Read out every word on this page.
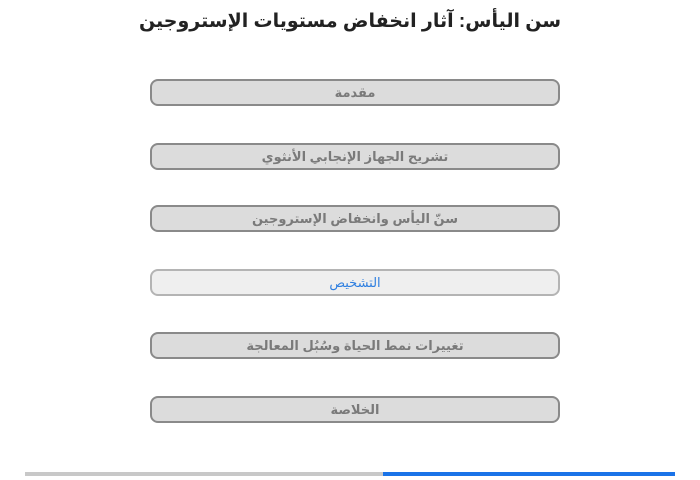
سن اليأس: آثار انخفاض مستويات الإستروجين
مقدمة
تشريح الجهاز الإنجابي الأنثوي
سنّ اليأس وانخفاض الإستروجين
التشخيص
تغييرات نمط الحياة وسُبُل المعالجة
الخلاصة
